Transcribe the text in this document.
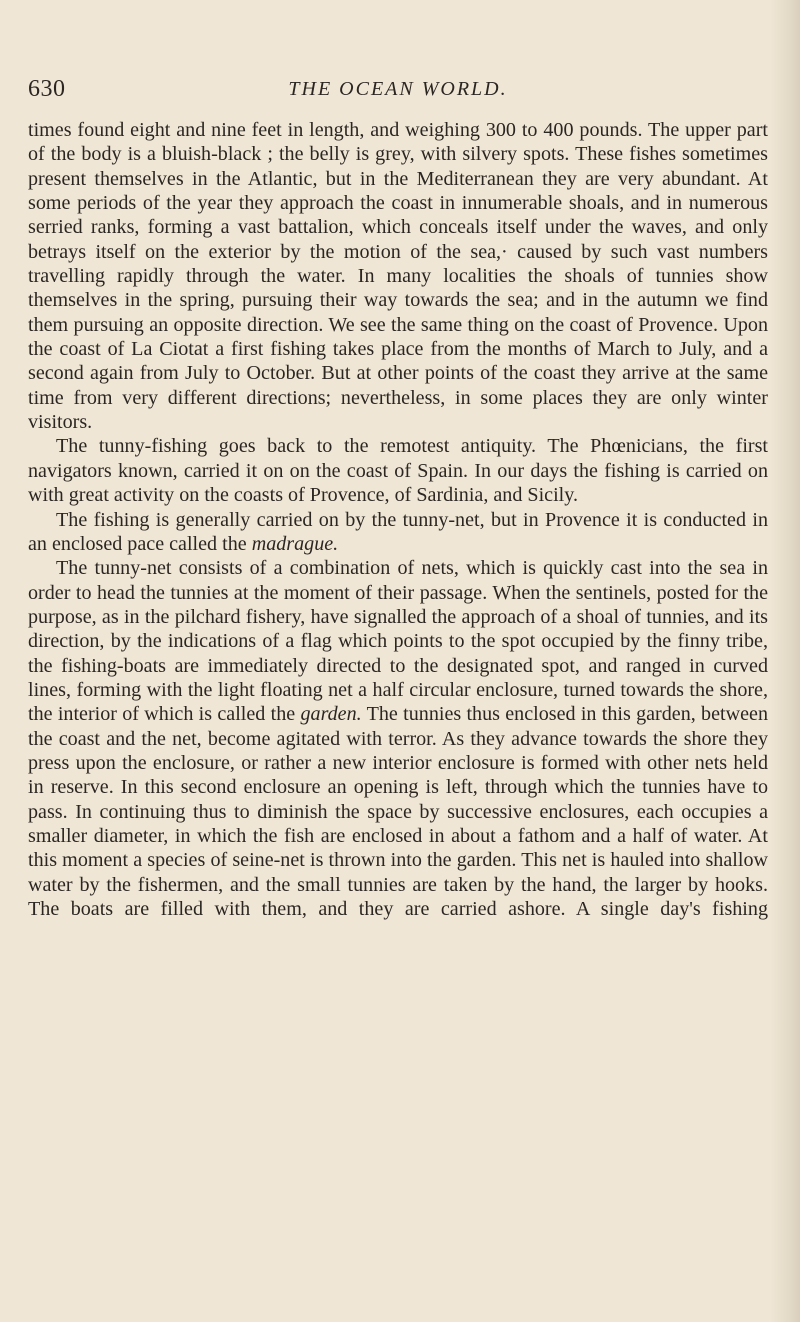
630	THE OCEAN WORLD.

times found eight and nine feet in length, and weighing 300 to 400 pounds. The upper part of the body is a bluish-black ; the belly is grey, with silvery spots. These fishes sometimes present themselves in the Atlantic, but in the Mediterranean they are very abundant. At some periods of the year they approach the coast in innumerable shoals, and in numerous serried ranks, forming a vast battalion, which conceals itself under the waves, and only betrays itself on the exterior by the motion of the sea,· caused by such vast numbers travelling rapidly through the water. In many localities the shoals of tunnies show themselves in the spring, pursuing their way towards the sea; and in the autumn we find them pursuing an opposite direction. We see the same thing on the coast of Provence. Upon the coast of La Ciotat a first fishing takes place from the months of March to July, and a second again from July to October. But at other points of the coast they arrive at the same time from very different directions; nevertheless, in some places they are only winter visitors.

The tunny-fishing goes back to the remotest antiquity. The Phœnicians, the first navigators known, carried it on on the coast of Spain. In our days the fishing is carried on with great activity on the coasts of Provence, of Sardinia, and Sicily.

The fishing is generally carried on by the tunny-net, but in Provence it is conducted in an enclosed pace called the madrague.

The tunny-net consists of a combination of nets, which is quickly cast into the sea in order to head the tunnies at the moment of their passage. When the sentinels, posted for the purpose, as in the pilchard fishery, have signalled the approach of a shoal of tunnies, and its direction, by the indications of a flag which points to the spot occupied by the finny tribe, the fishing-boats are immediately directed to the designated spot, and ranged in curved lines, forming with the light floating net a half circular enclosure, turned towards the shore, the interior of which is called the garden. The tunnies thus enclosed in this garden, between the coast and the net, become agitated with terror. As they advance towards the shore they press upon the enclosure, or rather a new interior enclosure is formed with other nets held in reserve. In this second enclosure an opening is left, through which the tunnies have to pass. In continuing thus to diminish the space by successive enclosures, each occupies a smaller diameter, in which the fish are enclosed in about a fathom and a half of water. At this moment a species of seine-net is thrown into the garden. This net is hauled into shallow water by the fishermen, and the small tunnies are taken by the hand, the larger by hooks. The boats are filled with them, and they are carried ashore. A single day's fishing
